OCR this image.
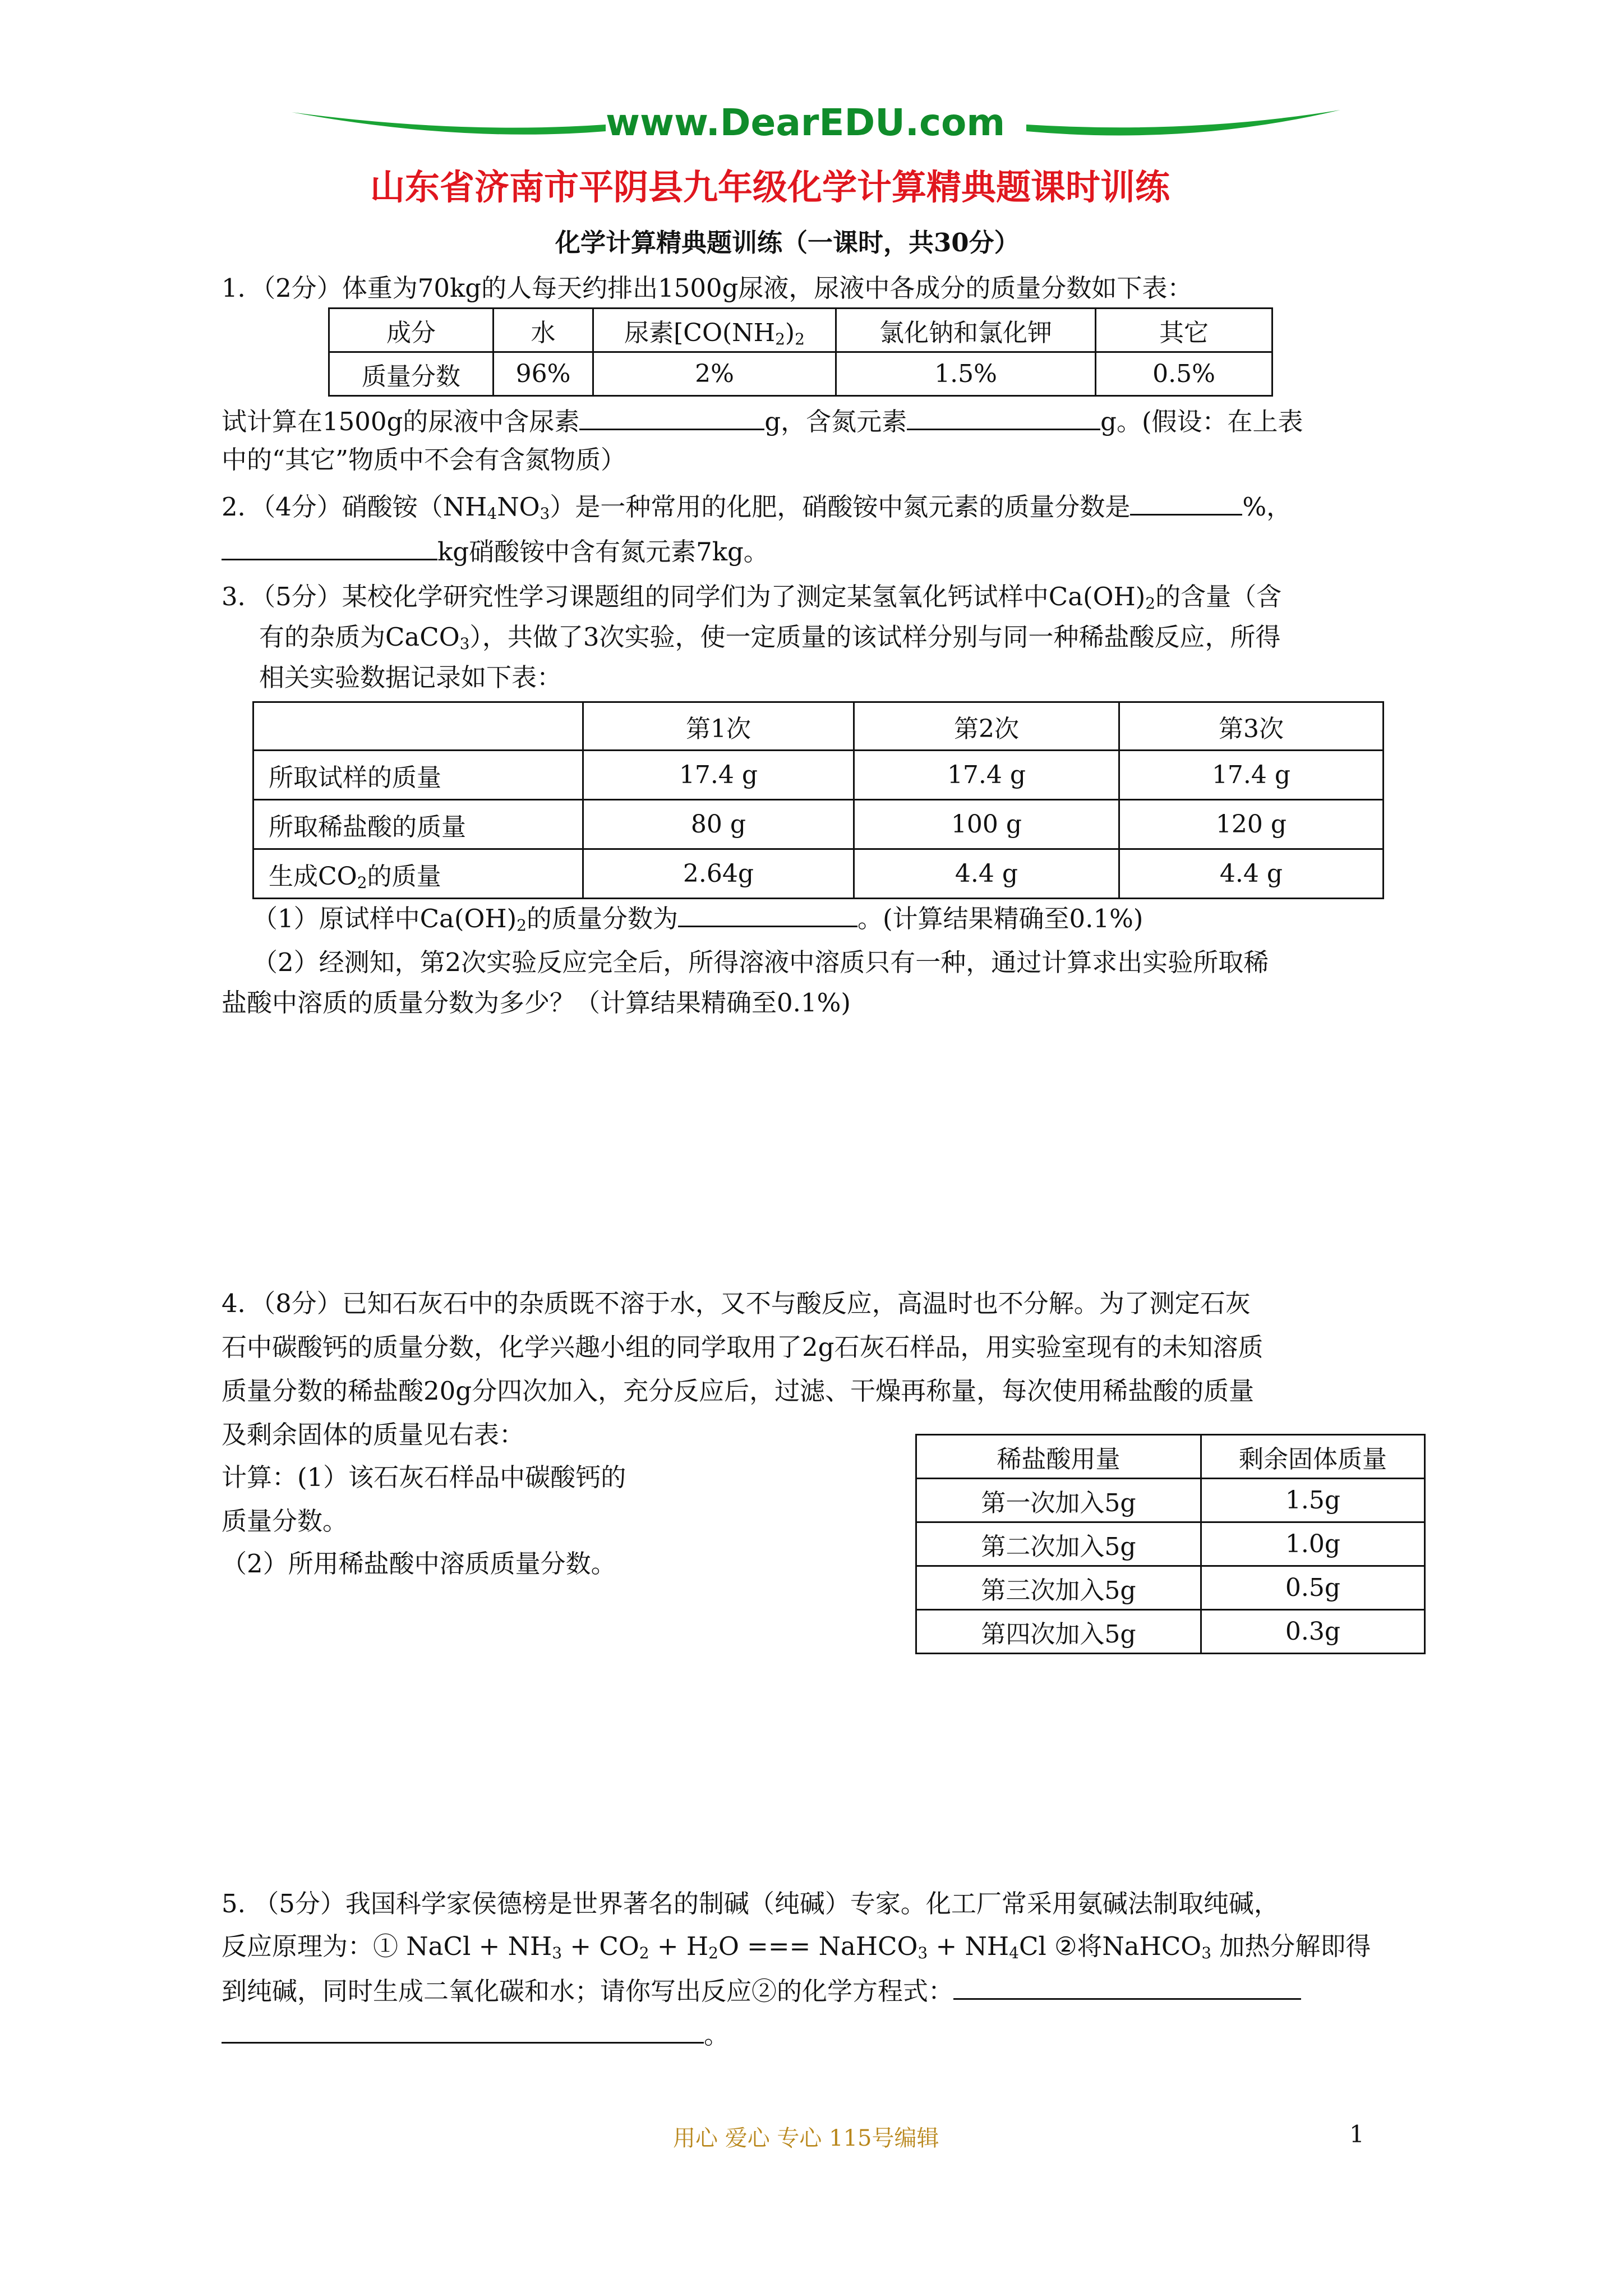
www.DearEDU.com
山东省济南市平阴县九年级化学计算精典题课时训练
化学计算精典题训练（一课时，共30分）
1．（2分）体重为70kg的人每天约排出1500g尿液，尿液中各成分的质量分数如下表：
成分	水	尿素[$CO(NH_2)_2$	氯化钠和氯化钾	其它
质量分数	96%	2%	1.5%	0.5%
试计算在1500g的尿液中含尿素	g，含氮元素	g。(假设：在上表
中的“其它”物质中不会有含氮物质）
2．（4分）硝酸铵$(NH_4NO_3)$是一种常用的化肥，硝酸铵中氮元素的质量分数是	%，
kg硝酸铵中含有氮元素7kg。
3．（5分）某校化学研究性学习课题组的同学们为了测定某氢氧化钙试样中$Ca(OH)_2$的含量（含
有的杂质为CaCO$_3$），共做了3次实验，使一定质量的该试样分别与同一种稀盐酸反应，所得
相关实验数据记录如下表：
	第1次	第2次	第3次
所取试样的质量	17.4 g	17.4 g	17.4 g
所取稀盐酸的质量	80 g	100 g	120 g
生成$CO_2$的质量	2.64g	4.4 g	4.4 g
（1）原试样中$Ca(OH)_2$的质量分数为	。(计算结果精确至0.1%)
（2）经测知，第2次实验反应完全后，所得溶液中溶质只有一种，通过计算求出实验所取稀
盐酸中溶质的质量分数为多少？（计算结果精确至0.1%)
4．（8分）已知石灰石中的杂质既不溶于水，又不与酸反应，高温时也不分解。为了测定石灰
石中碳酸钙的质量分数，化学兴趣小组的同学取用了2g石灰石样品，用实验室现有的未知溶质
质量分数的稀盐酸20g分四次加入，充分反应后，过滤、干燥再称量，每次使用稀盐酸的质量
及剩余固体的质量见右表：
计算：(1）该石灰石样品中碳酸钙的
质量分数。
（2）所用稀盐酸中溶质质量分数。
稀盐酸用量	剩余固体质量
第一次加入5g	1.5g
第二次加入5g	1.0g
第三次加入5g	0.5g
第四次加入5g	0.3g
5. （5分）我国科学家侯德榜是世界著名的制碱（纯碱）专家。化工厂常采用氨碱法制取纯碱，
反应原理为：① NaCl + $NH_3 + CO_2 + H_2O$ === NaHCO$_3$ + $NH_4Cl$ ②将NaHCO$_3$ 加热分解即得
到纯碱，同时生成二氧化碳和水；请你写出反应②的化学方程式：
。
用心 爱心 专心 115号编辑	1
